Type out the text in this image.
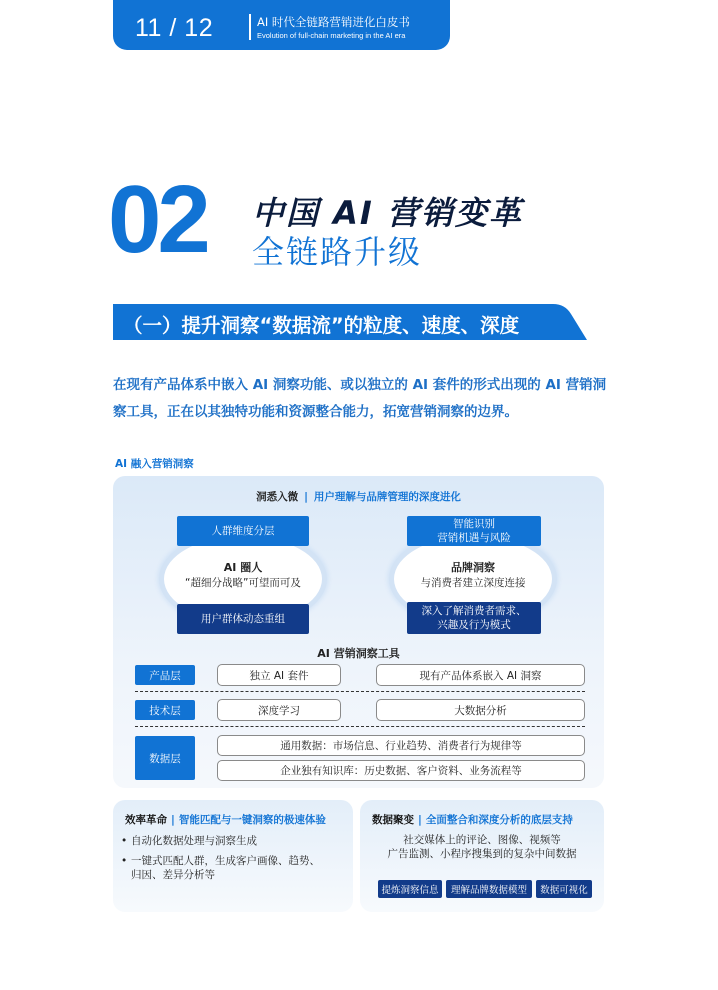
11 / 12	AI 时代全链路营销进化白皮书
Evolution of full-chain marketing in the AI era
02 中国 AI 营销变革
全链路升级
（一）提升洞察“数据流”的粒度、速度、深度
在现有产品体系中嵌入 AI 洞察功能、或以独立的 AI 套件的形式出现的 AI 营销洞察工具，正在以其独特功能和资源整合能力，拓宽营销洞察的边界。
AI 融入营销洞察
洞悉入微 | 用户理解与品牌管理的深度进化
人群维度分层
AI 圈人
“超细分战略”可望而可及
用户群体动态重组
智能识别
营销机遇与风险
品牌洞察
与消费者建立深度连接
深入了解消费者需求、
兴趣及行为模式
AI 营销洞察工具
产品层	独立 AI 套件	现有产品体系嵌入 AI 洞察
技术层	深度学习	大数据分析
数据层
通用数据：市场信息、行业趋势、消费者行为规律等
企业独有知识库：历史数据、客户资料、业务流程等
效率革命 | 智能匹配与一键洞察的极速体验
• 自动化数据处理与洞察生成
• 一键式匹配人群，生成客户画像、趋势、
归因、差异分析等
数据聚变 | 全面整合和深度分析的底层支持
社交媒体上的评论、图像、视频等
广告监测、小程序搜集到的复杂中间数据
提炼洞察信息	理解品牌数据模型	数据可视化
